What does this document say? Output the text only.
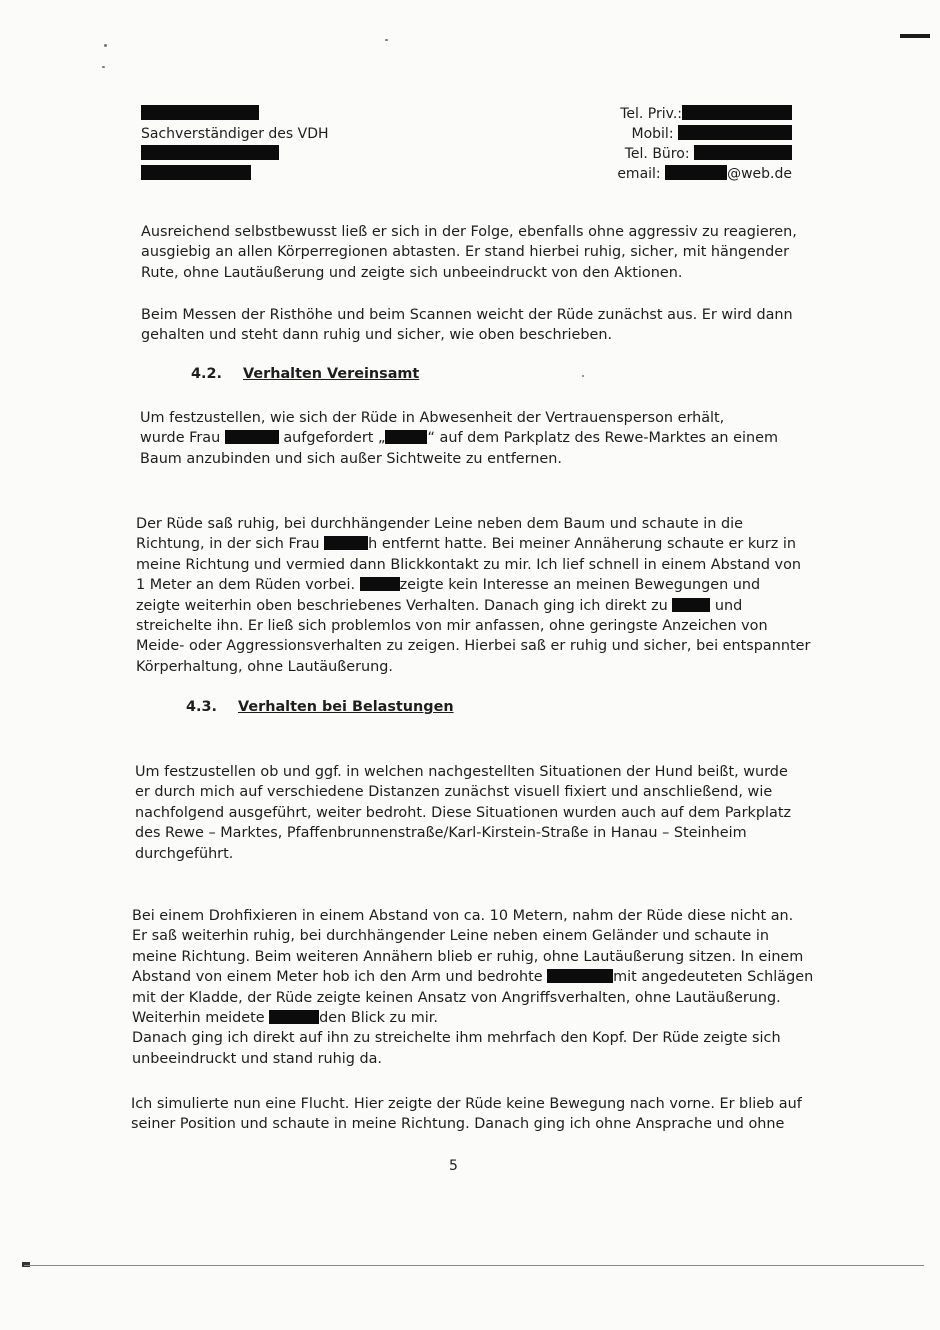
Sachverständiger des VDH
Tel. Priv.:
Mobil:
Tel. Büro:
email:	@web.de
Ausreichend selbstbewusst ließ er sich in der Folge, ebenfalls ohne aggressiv zu reagieren,
ausgiebig an allen Körperregionen abtasten. Er stand hierbei ruhig, sicher, mit hängender
Rute, ohne Lautäußerung und zeigte sich unbeeindruckt von den Aktionen.
Beim Messen der Risthöhe und beim Scannen weicht der Rüde zunächst aus. Er wird dann
gehalten und steht dann ruhig und sicher, wie oben beschrieben.
4.2. Verhalten Vereinsamt
Um festzustellen, wie sich der Rüde in Abwesenheit der Vertrauensperson erhält,
wurde Frau	aufgefordert „	“ auf dem Parkplatz des Rewe-Marktes an einem
Baum anzubinden und sich außer Sichtweite zu entfernen.
Der Rüde saß ruhig, bei durchhängender Leine neben dem Baum und schaute in die
Richtung, in der sich Frau	h entfernt hatte. Bei meiner Annäherung schaute er kurz in
meine Richtung und vermied dann Blickkontakt zu mir. Ich lief schnell in einem Abstand von
1 Meter an dem Rüden vorbei.	zeigte kein Interesse an meinen Bewegungen und
zeigte weiterhin oben beschriebenes Verhalten. Danach ging ich direkt zu	und
streichelte ihn. Er ließ sich problemlos von mir anfassen, ohne geringste Anzeichen von
Meide- oder Aggressionsverhalten zu zeigen. Hierbei saß er ruhig und sicher, bei entspannter
Körperhaltung, ohne Lautäußerung.
4.3. Verhalten bei Belastungen
Um festzustellen ob und ggf. in welchen nachgestellten Situationen der Hund beißt, wurde
er durch mich auf verschiedene Distanzen zunächst visuell fixiert und anschließend, wie
nachfolgend ausgeführt, weiter bedroht. Diese Situationen wurden auch auf dem Parkplatz
des Rewe – Marktes, Pfaffenbrunnenstraße/Karl-Kirstein-Straße in Hanau – Steinheim
durchgeführt.
Bei einem Drohfixieren in einem Abstand von ca. 10 Metern, nahm der Rüde diese nicht an.
Er saß weiterhin ruhig, bei durchhängender Leine neben einem Geländer und schaute in
meine Richtung. Beim weiteren Annähern blieb er ruhig, ohne Lautäußerung sitzen. In einem
Abstand von einem Meter hob ich den Arm und bedrohte	mit angedeuteten Schlägen
mit der Kladde, der Rüde zeigte keinen Ansatz von Angriffsverhalten, ohne Lautäußerung.
Weiterhin meidete	den Blick zu mir.
Danach ging ich direkt auf ihn zu streichelte ihm mehrfach den Kopf. Der Rüde zeigte sich
unbeeindruckt und stand ruhig da.
Ich simulierte nun eine Flucht. Hier zeigte der Rüde keine Bewegung nach vorne. Er blieb auf
seiner Position und schaute in meine Richtung. Danach ging ich ohne Ansprache und ohne
5
